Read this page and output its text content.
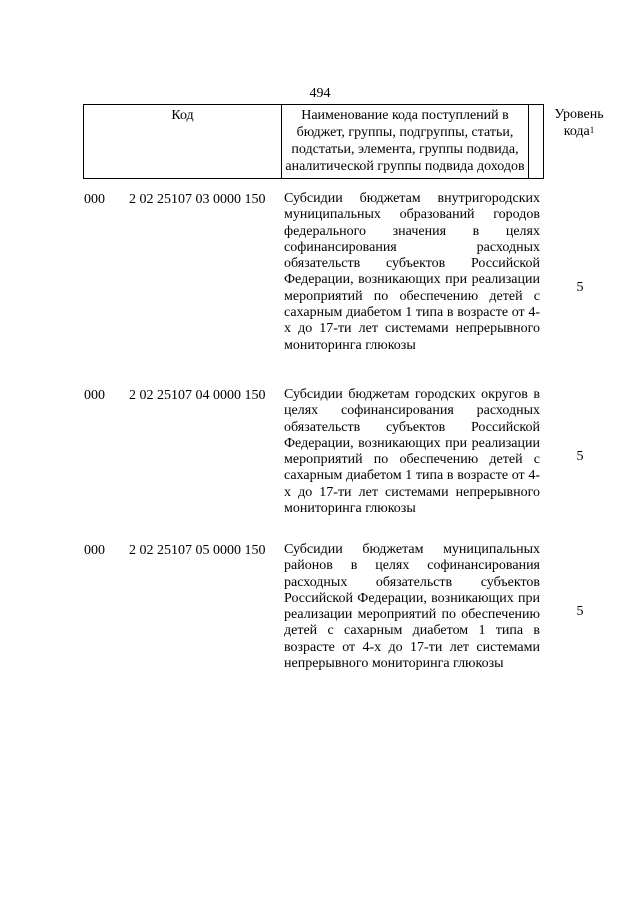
494
Код	Наименование кода поступлений в бюджет, группы, подгруппы, статьи, подстатьи, элемента, группы подвида, аналитической группы подвида доходов
Уровень кода$^1$
000 2 02 25107 03 0000 150 Субсидии бюджетам внутригородских муниципальных образований городов федерального значения в целях софинансирования расходных обязательств субъектов Российской Федерации, возникающих при реализации мероприятий по обеспечению детей с сахарным диабетом 1 типа в возрасте от 4-х до 17-ти лет системами непрерывного мониторинга глюкозы
5
000 2 02 25107 04 0000 150 Субсидии бюджетам городских округов в целях софинансирования расходных обязательств субъектов Российской Федерации, возникающих при реализации мероприятий по обеспечению детей с сахарным диабетом 1 типа в возрасте от 4-х до 17-ти лет системами непрерывного мониторинга глюкозы
5
000 2 02 25107 05 0000 150 Субсидии бюджетам муниципальных районов в целях софинансирования расходных обязательств субъектов Российской Федерации, возникающих при реализации мероприятий по обеспечению детей с сахарным диабетом 1 типа в возрасте от 4-х до 17-ти лет системами непрерывного мониторинга глюкозы
5
